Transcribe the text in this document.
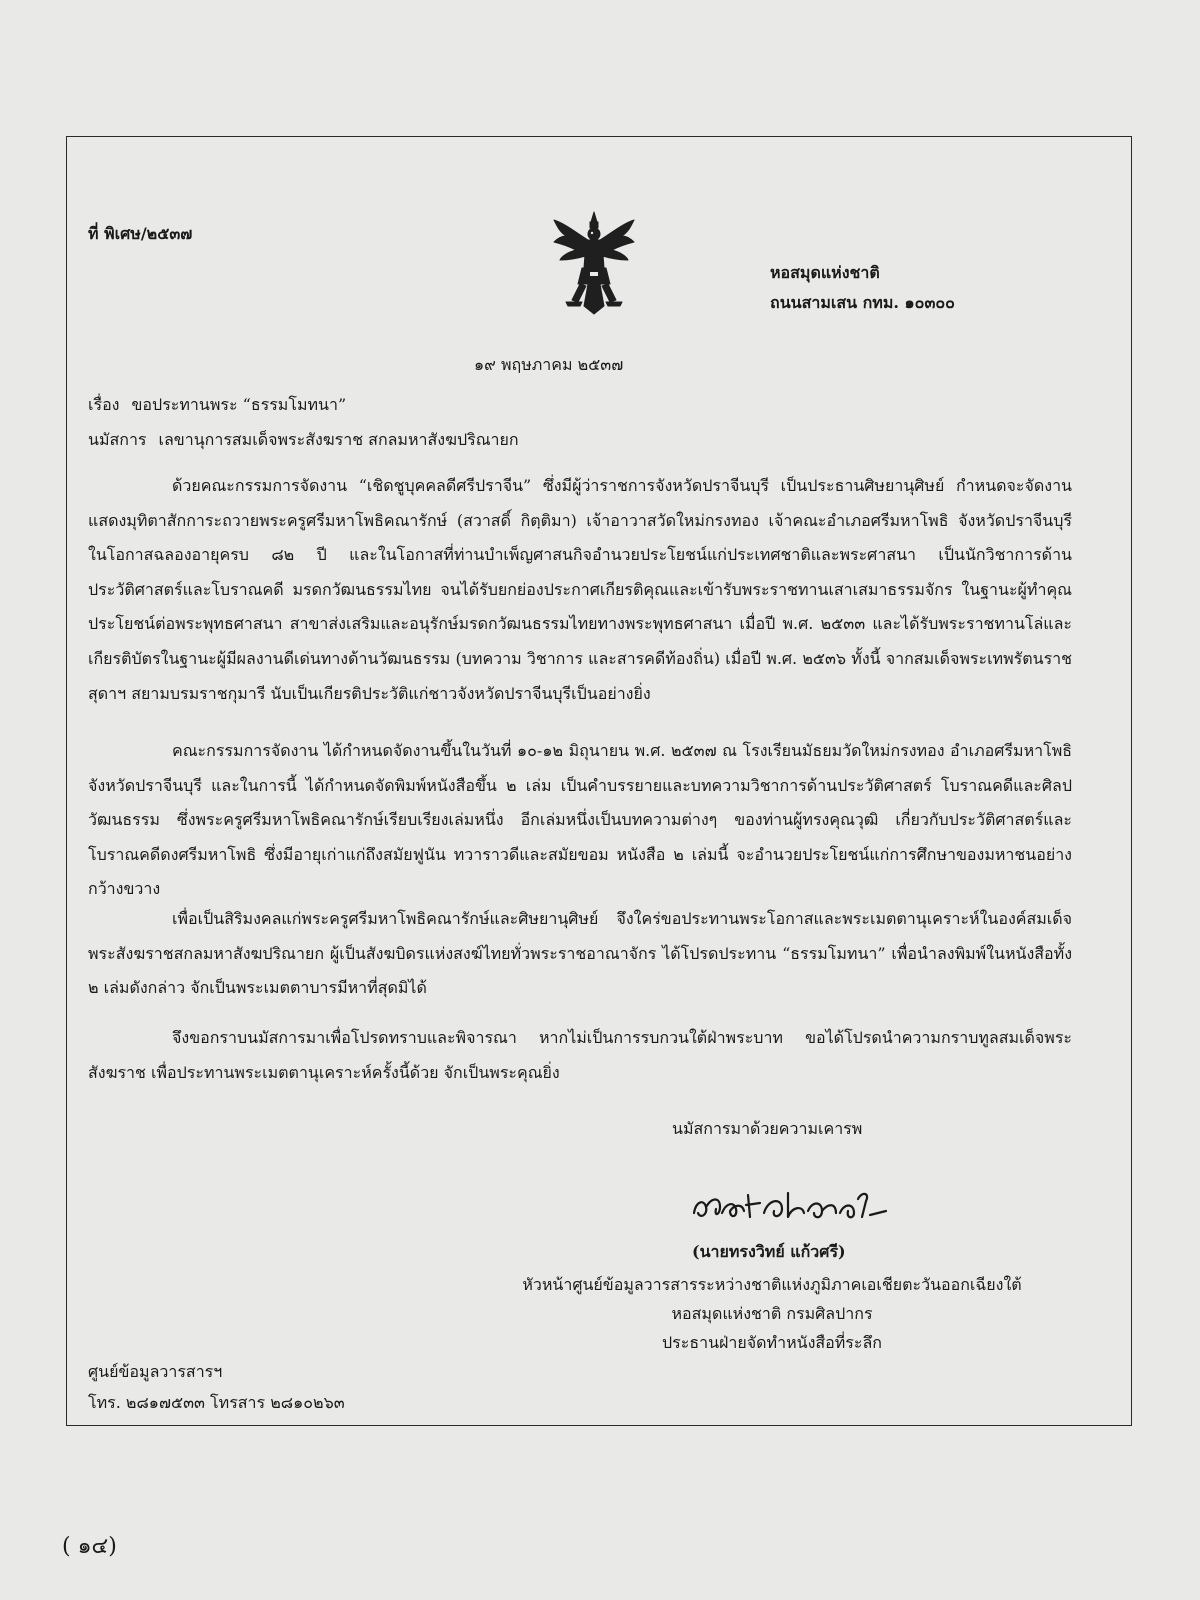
ที่ พิเศษ/๒๕๓๗
หอสมุดแห่งชาติ
ถนนสามเสน กทม. ๑๐๓๐๐
๑๙ พฤษภาคม ๒๕๓๗
เรื่อง ขอประทานพระ “ธรรมโมทนา”
นมัสการ เลขานุการสมเด็จพระสังฆราช สกลมหาสังฆปริณายก

ด้วยคณะกรรมการจัดงาน “เชิดชูบุคคลดีศรีปราจีน” ซึ่งมีผู้ว่าราชการจังหวัดปราจีนบุรี เป็นประธานศิษยานุศิษย์ กำหนดจะจัดงานแสดงมุทิตาสักการะถวายพระครูศรีมหาโพธิคณารักษ์ (สวาสดิ์ กิตฺติมา) เจ้าอาวาสวัดใหม่กรงทอง เจ้าคณะอำเภอศรีมหาโพธิ จังหวัดปราจีนบุรี ในโอกาสฉลองอายุครบ ๘๒ ปี และในโอกาสที่ท่านบำเพ็ญศาสนกิจอำนวยประโยชน์แก่ประเทศชาติและพระศาสนา เป็นนักวิชาการด้านประวัติศาสตร์และโบราณคดี มรดกวัฒนธรรมไทย จนได้รับยกย่องประกาศเกียรติคุณและเข้ารับพระราชทานเสาเสมาธรรมจักร ในฐานะผู้ทำคุณประโยชน์ต่อพระพุทธศาสนา สาขาส่งเสริมและอนุรักษ์มรดกวัฒนธรรมไทยทางพระพุทธศาสนา เมื่อปี พ.ศ. ๒๕๓๓ และได้รับพระราชทานโล่และเกียรติบัตรในฐานะผู้มีผลงานดีเด่นทางด้านวัฒนธรรม (บทความ วิชาการ และสารคดีท้องถิ่น) เมื่อปี พ.ศ. ๒๕๓๖ ทั้งนี้ จากสมเด็จพระเทพรัตนราชสุดาฯ สยามบรมราชกุมารี นับเป็นเกียรติประวัติแก่ชาวจังหวัดปราจีนบุรีเป็นอย่างยิ่ง

คณะกรรมการจัดงาน ได้กำหนดจัดงานขึ้นในวันที่ ๑๐-๑๒ มิถุนายน พ.ศ. ๒๕๓๗ ณ โรงเรียนมัธยมวัดใหม่กรงทอง อำเภอศรีมหาโพธิ จังหวัดปราจีนบุรี และในการนี้ ได้กำหนดจัดพิมพ์หนังสือขึ้น ๒ เล่ม เป็นคำบรรยายและบทความวิชาการด้านประวัติศาสตร์ โบราณคดีและศิลปวัฒนธรรม ซึ่งพระครูศรีมหาโพธิคณารักษ์เรียบเรียงเล่มหนึ่ง อีกเล่มหนึ่งเป็นบทความต่างๆ ของท่านผู้ทรงคุณวุฒิ เกี่ยวกับประวัติศาสตร์และโบราณคดีดงศรีมหาโพธิ ซึ่งมีอายุเก่าแก่ถึงสมัยฟูนัน ทวาราวดีและสมัยขอม หนังสือ ๒ เล่มนี้ จะอำนวยประโยชน์แก่การศึกษาของมหาชนอย่างกว้างขวาง

เพื่อเป็นสิริมงคลแก่พระครูศรีมหาโพธิคณารักษ์และศิษยานุศิษย์ จึงใคร่ขอประทานพระโอกาสและพระเมตตานุเคราะห์ในองค์สมเด็จพระสังฆราชสกลมหาสังฆปริณายก ผู้เป็นสังฆบิดรแห่งสงฆ์ไทยทั่วพระราชอาณาจักร ได้โปรดประทาน “ธรรมโมทนา” เพื่อนำลงพิมพ์ในหนังสือทั้ง ๒ เล่มดังกล่าว จักเป็นพระเมตตาบารมีหาที่สุดมิได้

จึงขอกราบนมัสการมาเพื่อโปรดทราบและพิจารณา หากไม่เป็นการรบกวนใต้ฝ่าพระบาท ขอได้โปรดนำความกราบทูลสมเด็จพระสังฆราช เพื่อประทานพระเมตตานุเคราะห์ครั้งนี้ด้วย จักเป็นพระคุณยิ่ง

นมัสการมาด้วยความเคารพ
(นายทรงวิทย์ แก้วศรี)
หัวหน้าศูนย์ข้อมูลวารสารระหว่างชาติแห่งภูมิภาคเอเชียตะวันออกเฉียงใต้
หอสมุดแห่งชาติ กรมศิลปากร
ประธานฝ่ายจัดทำหนังสือที่ระลึก
ศูนย์ข้อมูลวารสารฯ
โทร. ๒๘๑๗๕๓๓ โทรสาร ๒๘๑๐๒๖๓
( ๑๔)
